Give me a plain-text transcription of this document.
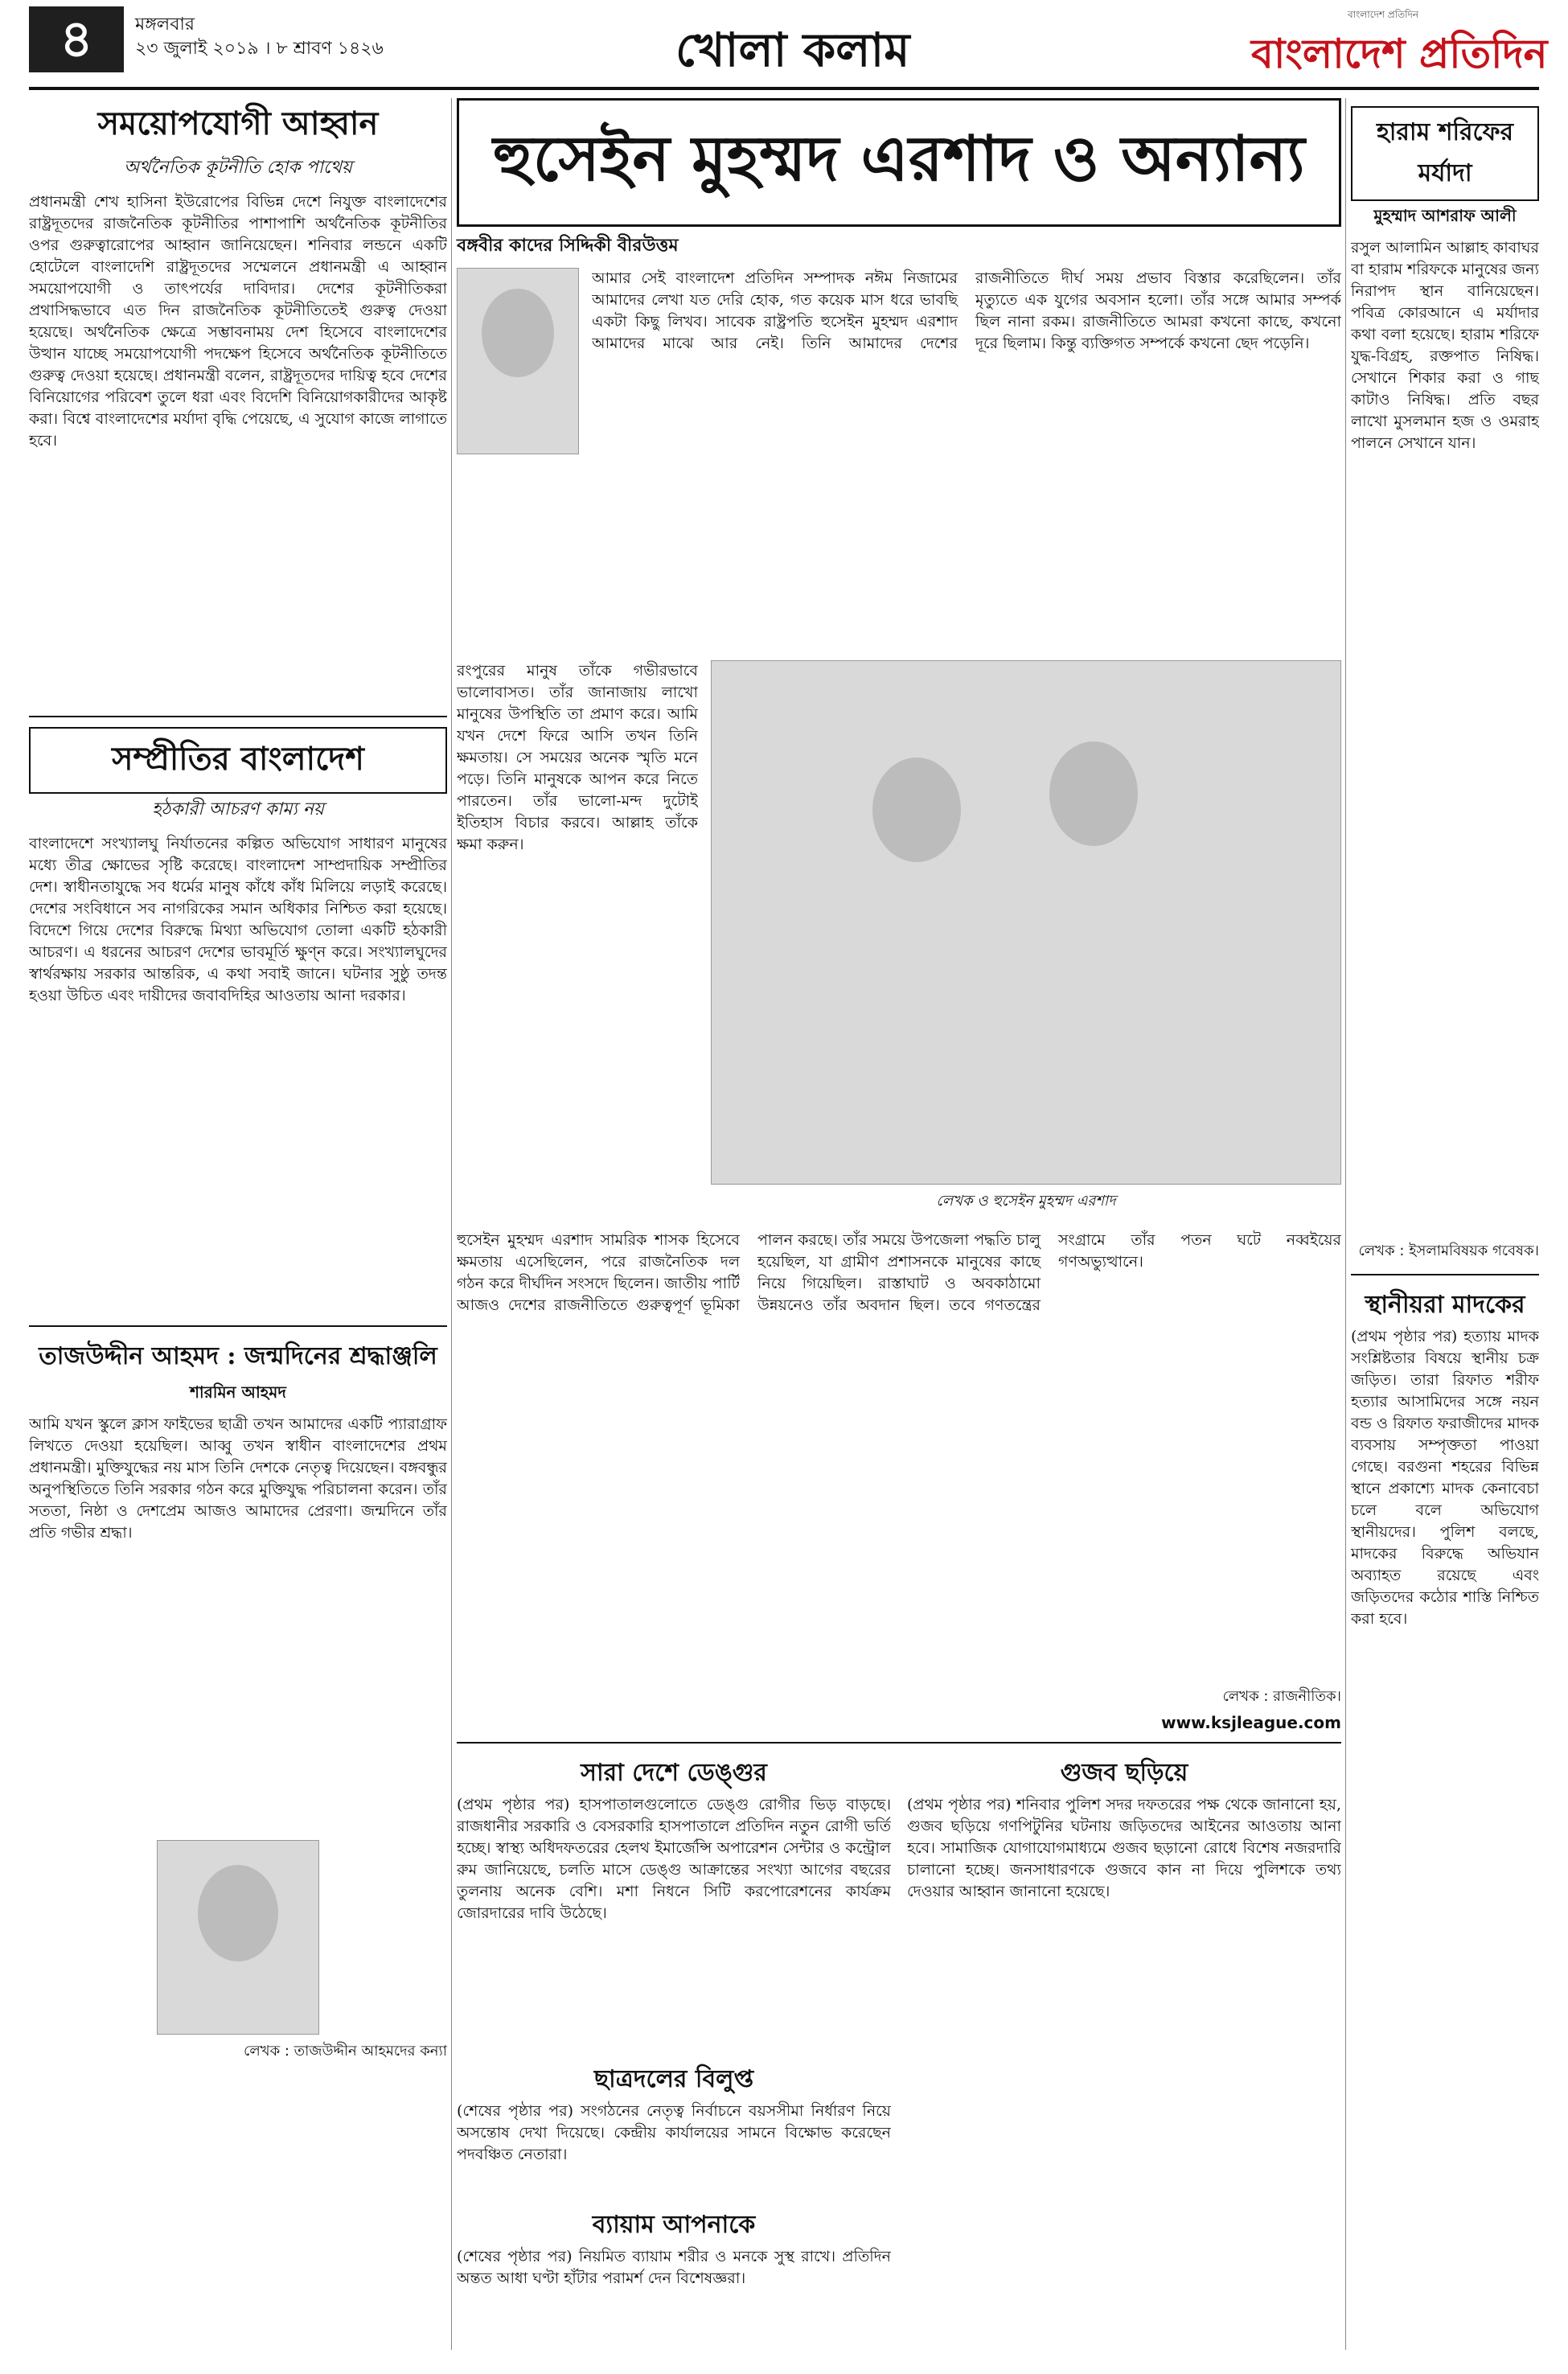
৪	মঙ্গলবার
২৩ জুলাই ২০১৯ । ৮ শ্রাবণ ১৪২৬	খোলা কলাম
বাংলাদেশ প্রতিদিন
বাংলাদেশ প্রতিদিন
সময়োপযোগী আহ্বান
অর্থনৈতিক কূটনীতি হোক পাথেয়
প্রধানমন্ত্রী শেখ হাসিনা ইউরোপের বিভিন্ন দেশে নিযুক্ত বাংলাদেশের রাষ্ট্রদূতদের রাজনৈতিক কূটনীতির পাশাপাশি অর্থনৈতিক কূটনীতির ওপর গুরুত্বারোপের আহ্বান জানিয়েছেন। শনিবার লন্ডনে একটি হোটেলে বাংলাদেশি রাষ্ট্রদূতদের সম্মেলনে প্রধানমন্ত্রী এ আহ্বান সময়োপযোগী ও তাৎপর্যের দাবিদার। দেশের কূটনীতিকরা প্রথাসিদ্ধভাবে এত দিন রাজনৈতিক কূটনীতিতেই গুরুত্ব দেওয়া হয়েছে। অর্থনৈতিক ক্ষেত্রে সম্ভাবনাময় দেশ হিসেবে বাংলাদেশের উত্থান যাচ্ছে সময়োপযোগী পদক্ষেপ হিসেবে অর্থনৈতিক কূটনীতিতে গুরুত্ব দেওয়া হয়েছে। প্রধানমন্ত্রী বলেন, রাষ্ট্রদূতদের দায়িত্ব হবে দেশের বিনিয়োগের পরিবেশ তুলে ধরা এবং বিদেশি বিনিয়োগকারীদের আকৃষ্ট করা। বিশ্বে বাংলাদেশের মর্যাদা বৃদ্ধি পেয়েছে, এ সুযোগ কাজে লাগাতে হবে।
সম্প্রীতির বাংলাদেশ
হঠকারী আচরণ কাম্য নয়
বাংলাদেশে সংখ্যালঘু নির্যাতনের কল্পিত অভিযোগ সাধারণ মানুষের মধ্যে তীব্র ক্ষোভের সৃষ্টি করেছে। বাংলাদেশ সাম্প্রদায়িক সম্প্রীতির দেশ। স্বাধীনতাযুদ্ধে সব ধর্মের মানুষ কাঁধে কাঁধ মিলিয়ে লড়াই করেছে। দেশের সংবিধানে সব নাগরিকের সমান অধিকার নিশ্চিত করা হয়েছে। বিদেশে গিয়ে দেশের বিরুদ্ধে মিথ্যা অভিযোগ তোলা একটি হঠকারী আচরণ। এ ধরনের আচরণ দেশের ভাবমূর্তি ক্ষুণ্ন করে। সংখ্যালঘুদের স্বার্থরক্ষায় সরকার আন্তরিক, এ কথা সবাই জানে। ঘটনার সুষ্ঠু তদন্ত হওয়া উচিত এবং দায়ীদের জবাবদিহির আওতায় আনা দরকার।
তাজউদ্দীন আহমদ : জন্মদিনের শ্রদ্ধাঞ্জলি
শারমিন আহমদ
আমি যখন স্কুলে ক্লাস ফাইভের ছাত্রী তখন আমাদের একটি প্যারাগ্রাফ লিখতে দেওয়া হয়েছিল। আব্বু তখন স্বাধীন বাংলাদেশের প্রথম প্রধানমন্ত্রী। মুক্তিযুদ্ধের নয় মাস তিনি দেশকে নেতৃত্ব দিয়েছেন। বঙ্গবন্ধুর অনুপস্থিতিতে তিনি সরকার গঠন করে মুক্তিযুদ্ধ পরিচালনা করেন। তাঁর সততা, নিষ্ঠা ও দেশপ্রেম আজও আমাদের প্রেরণা। জন্মদিনে তাঁর প্রতি গভীর শ্রদ্ধা।
লেখক : তাজউদ্দীন আহমদের কন্যা
হুসেইন মুহম্মদ এরশাদ ও অন্যান্য
বঙ্গবীর কাদের সিদ্দিকী বীরউত্তম
আমার সেই বাংলাদেশ প্রতিদিন সম্পাদক নঈম নিজামের আমাদের লেখা যত দেরি হোক, গত কয়েক মাস ধরে ভাবছি একটা কিছু লিখব। সাবেক রাষ্ট্রপতি হুসেইন মুহম্মদ এরশাদ আমাদের মাঝে আর নেই। তিনি আমাদের দেশের রাজনীতিতে দীর্ঘ সময় প্রভাব বিস্তার করেছিলেন। তাঁর মৃত্যুতে এক যুগের অবসান হলো। তাঁর সঙ্গে আমার সম্পর্ক ছিল নানা রকম। রাজনীতিতে আমরা কখনো কাছে, কখনো দূরে ছিলাম। কিন্তু ব্যক্তিগত সম্পর্কে কখনো ছেদ পড়েনি।
রংপুরের মানুষ তাঁকে গভীরভাবে ভালোবাসত। তাঁর জানাজায় লাখো মানুষের উপস্থিতি তা প্রমাণ করে। আমি যখন দেশে ফিরে আসি তখন তিনি ক্ষমতায়। সে সময়ের অনেক স্মৃতি মনে পড়ে। তিনি মানুষকে আপন করে নিতে পারতেন। তাঁর ভালো-মন্দ দুটোই ইতিহাস বিচার করবে। আল্লাহ তাঁকে ক্ষমা করুন।
লেখক ও হুসেইন মুহম্মদ এরশাদ
হুসেইন মুহম্মদ এরশাদ সামরিক শাসক হিসেবে ক্ষমতায় এসেছিলেন, পরে রাজনৈতিক দল গঠন করে দীর্ঘদিন সংসদে ছিলেন। জাতীয় পার্টি আজও দেশের রাজনীতিতে গুরুত্বপূর্ণ ভূমিকা পালন করছে। তাঁর সময়ে উপজেলা পদ্ধতি চালু হয়েছিল, যা গ্রামীণ প্রশাসনকে মানুষের কাছে নিয়ে গিয়েছিল। রাস্তাঘাট ও অবকাঠামো উন্নয়নেও তাঁর অবদান ছিল। তবে গণতন্ত্রের সংগ্রামে তাঁর পতন ঘটে নব্বইয়ের গণঅভ্যুত্থানে।
লেখক : রাজনীতিক।
www.ksjleague.com
সারা দেশে ডেঙ্গুর
(প্রথম পৃষ্ঠার পর) হাসপাতালগুলোতে ডেঙ্গু রোগীর ভিড় বাড়ছে। রাজধানীর সরকারি ও বেসরকারি হাসপাতালে প্রতিদিন নতুন রোগী ভর্তি হচ্ছে। স্বাস্থ্য অধিদফতরের হেলথ ইমার্জেন্সি অপারেশন সেন্টার ও কন্ট্রোল রুম জানিয়েছে, চলতি মাসে ডেঙ্গু আক্রান্তের সংখ্যা আগের বছরের তুলনায় অনেক বেশি। মশা নিধনে সিটি করপোরেশনের কার্যক্রম জোরদারের দাবি উঠেছে।
ছাত্রদলের বিলুপ্ত
(শেষের পৃষ্ঠার পর) সংগঠনের নেতৃত্ব নির্বাচনে বয়সসীমা নির্ধারণ নিয়ে অসন্তোষ দেখা দিয়েছে। কেন্দ্রীয় কার্যালয়ের সামনে বিক্ষোভ করেছেন পদবঞ্চিত নেতারা।
ব্যায়াম আপনাকে
(শেষের পৃষ্ঠার পর) নিয়মিত ব্যায়াম শরীর ও মনকে সুস্থ রাখে। প্রতিদিন অন্তত আধা ঘণ্টা হাঁটার পরামর্শ দেন বিশেষজ্ঞরা।
গুজব ছড়িয়ে
(প্রথম পৃষ্ঠার পর) শনিবার পুলিশ সদর দফতরের পক্ষ থেকে জানানো হয়, গুজব ছড়িয়ে গণপিটুনির ঘটনায় জড়িতদের আইনের আওতায় আনা হবে। সামাজিক যোগাযোগমাধ্যমে গুজব ছড়ানো রোধে বিশেষ নজরদারি চালানো হচ্ছে। জনসাধারণকে গুজবে কান না দিয়ে পুলিশকে তথ্য দেওয়ার আহ্বান জানানো হয়েছে।
হারাম শরিফের মর্যাদা
মুহম্মাদ আশরাফ আলী
রসুল আলামিন আল্লাহ কাবাঘর বা হারাম শরিফকে মানুষের জন্য নিরাপদ স্থান বানিয়েছেন। পবিত্র কোরআনে এ মর্যাদার কথা বলা হয়েছে। হারাম শরিফে যুদ্ধ-বিগ্রহ, রক্তপাত নিষিদ্ধ। সেখানে শিকার করা ও গাছ কাটাও নিষিদ্ধ। প্রতি বছর লাখো মুসলমান হজ ও ওমরাহ পালনে সেখানে যান।
লেখক : ইসলামবিষয়ক গবেষক।
স্থানীয়রা মাদকের
(প্রথম পৃষ্ঠার পর) হত্যায় মাদক সংশ্লিষ্টতার বিষয়ে স্থানীয় চক্র জড়িত। তারা রিফাত শরীফ হত্যার আসামিদের সঙ্গে নয়ন বন্ড ও রিফাত ফরাজীদের মাদক ব্যবসায় সম্পৃক্ততা পাওয়া গেছে। বরগুনা শহরের বিভিন্ন স্থানে প্রকাশ্যে মাদক কেনাবেচা চলে বলে অভিযোগ স্থানীয়দের। পুলিশ বলছে, মাদকের বিরুদ্ধে অভিযান অব্যাহত রয়েছে এবং জড়িতদের কঠোর শাস্তি নিশ্চিত করা হবে।
